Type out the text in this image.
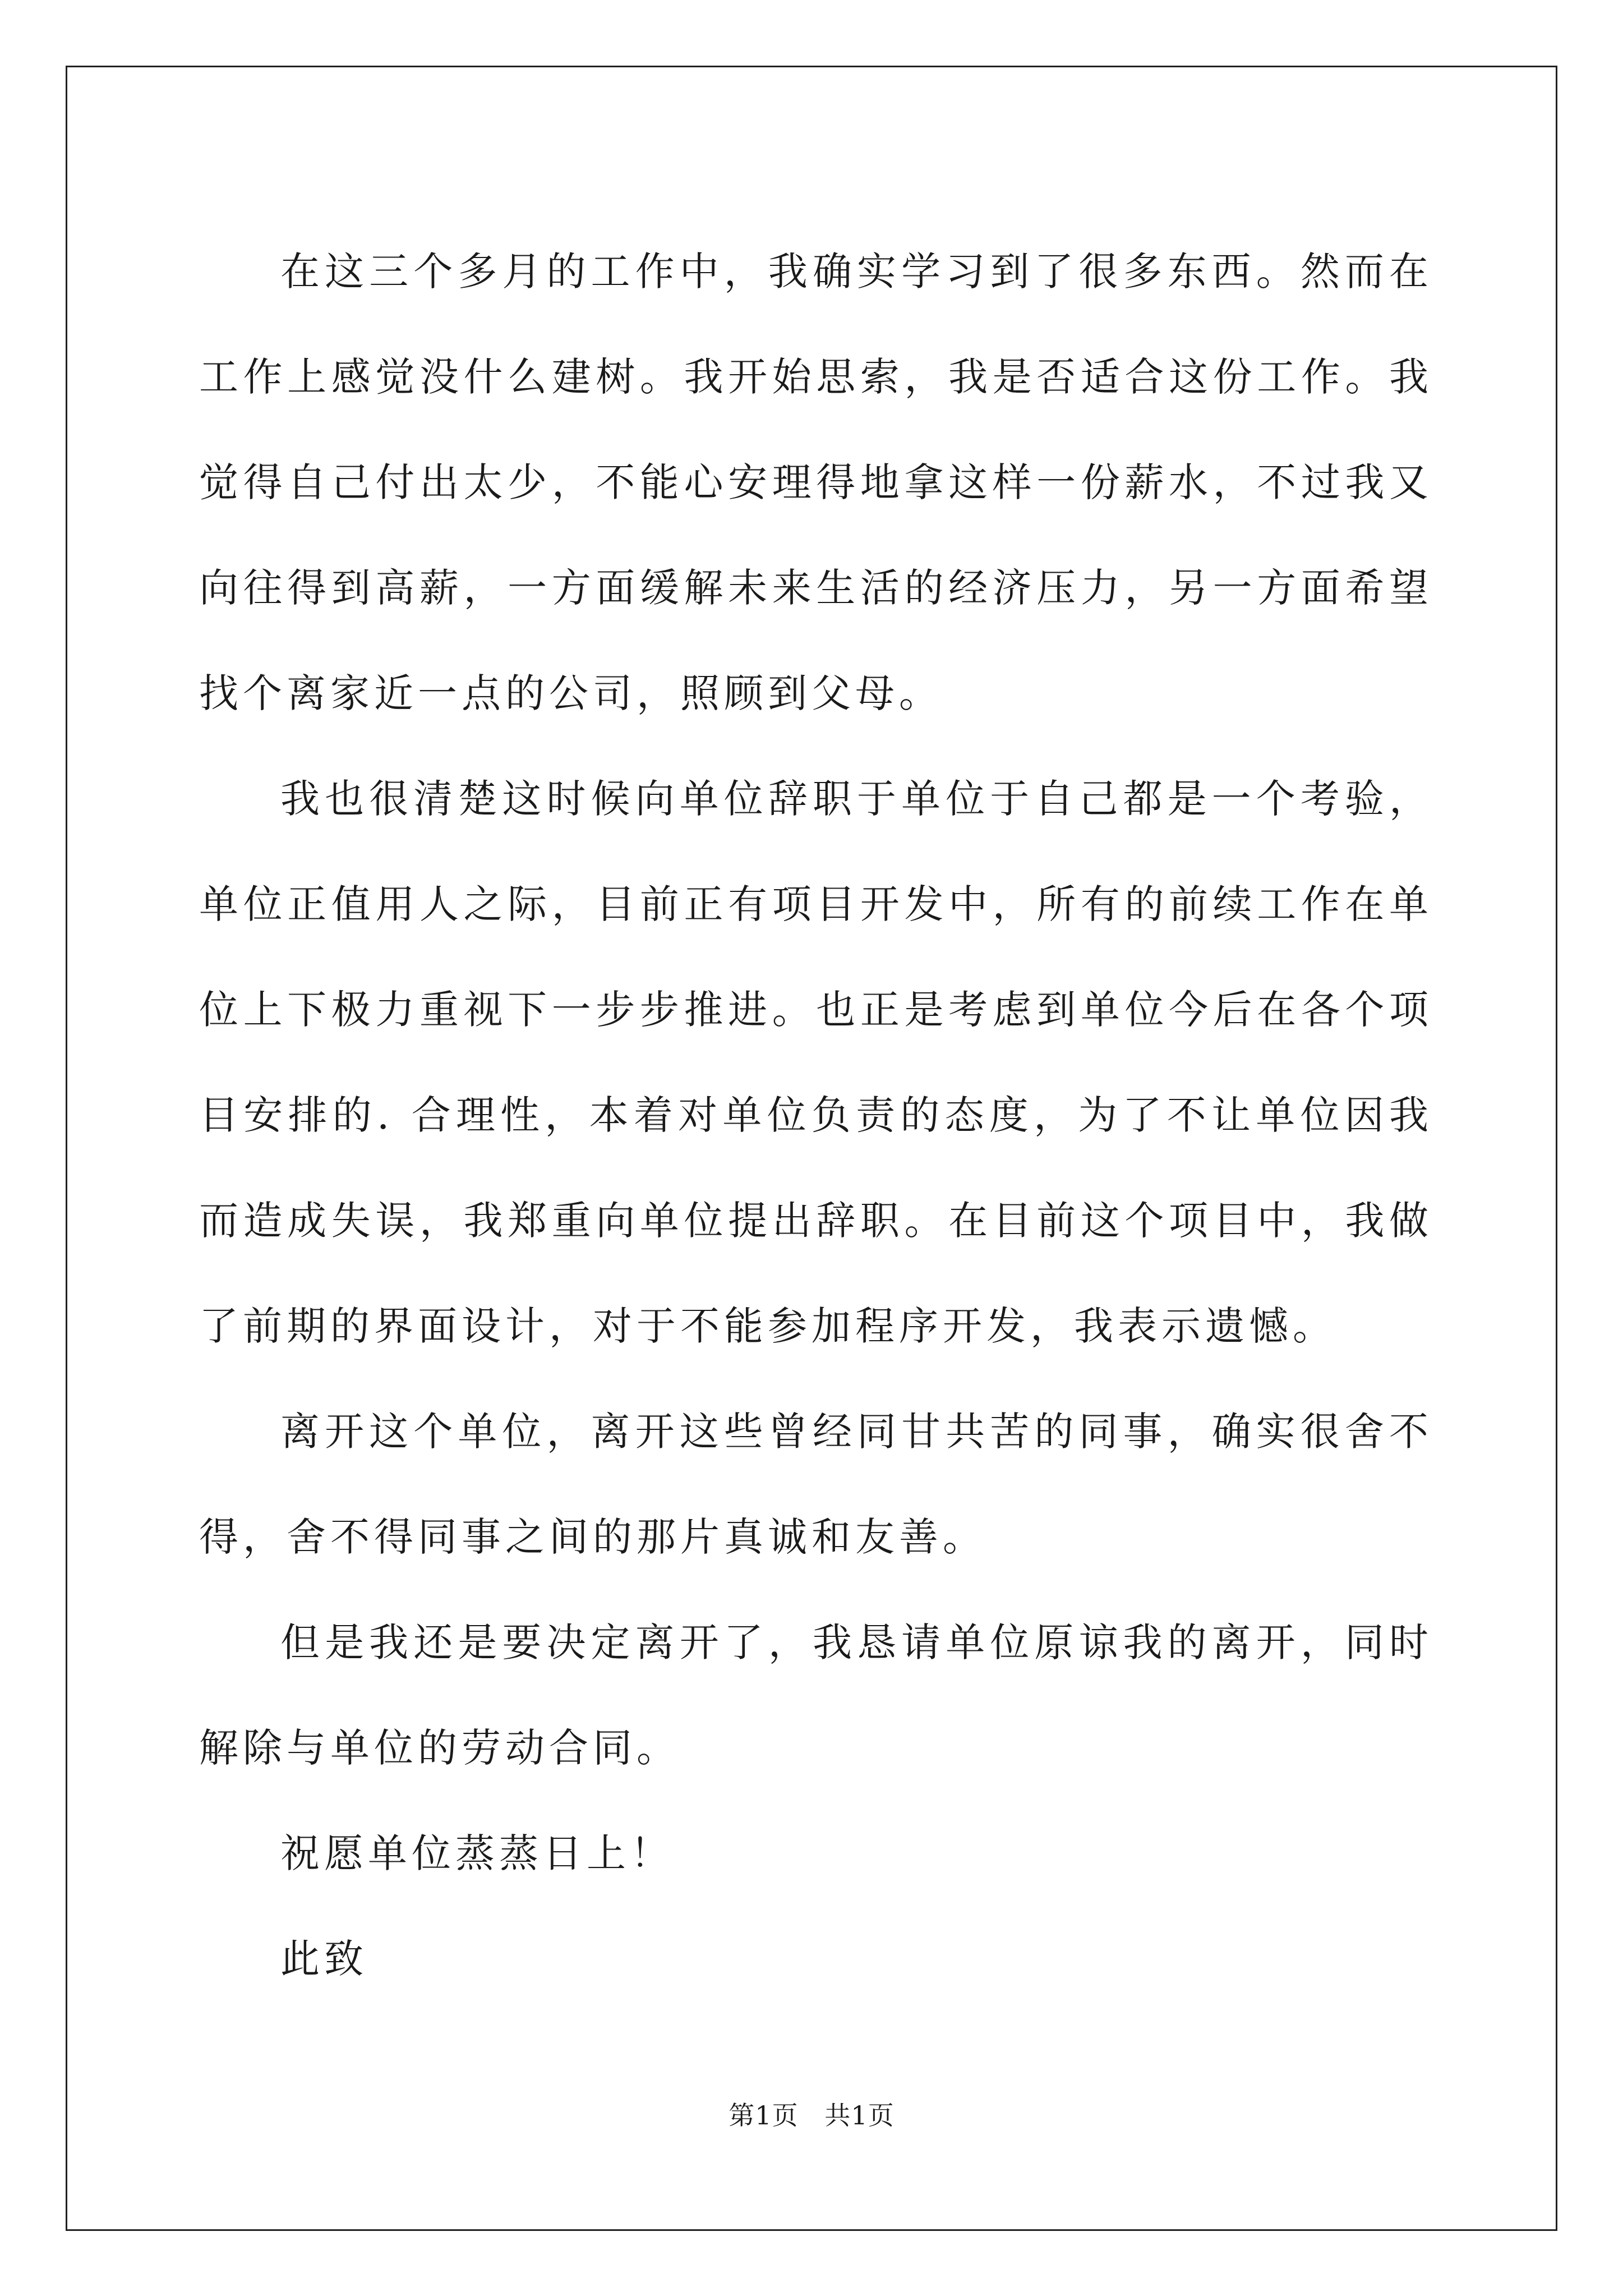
在这三个多月的工作中，我确实学习到了很多东西。然而在工作上感觉没什么建树。我开始思索，我是否适合这份工作。我觉得自己付出太少，不能心安理得地拿这样一份薪水，不过我又向往得到高薪，一方面缓解未来生活的经济压力，另一方面希望找个离家近一点的公司，照顾到父母。

我也很清楚这时候向单位辞职于单位于自己都是一个考验，单位正值用人之际，目前正有项目开发中，所有的前续工作在单位上下极力重视下一步步推进。也正是考虑到单位今后在各个项目安排的. 合理性，本着对单位负责的态度，为了不让单位因我而造成失误，我郑重向单位提出辞职。在目前这个项目中，我做了前期的界面设计，对于不能参加程序开发，我表示遗憾。

离开这个单位，离开这些曾经同甘共苦的同事，确实很舍不得，舍不得同事之间的那片真诚和友善。

但是我还是要决定离开了，我恳请单位原谅我的离开，同时解除与单位的劳动合同。

祝愿单位蒸蒸日上！

此致

第1页   共1页
